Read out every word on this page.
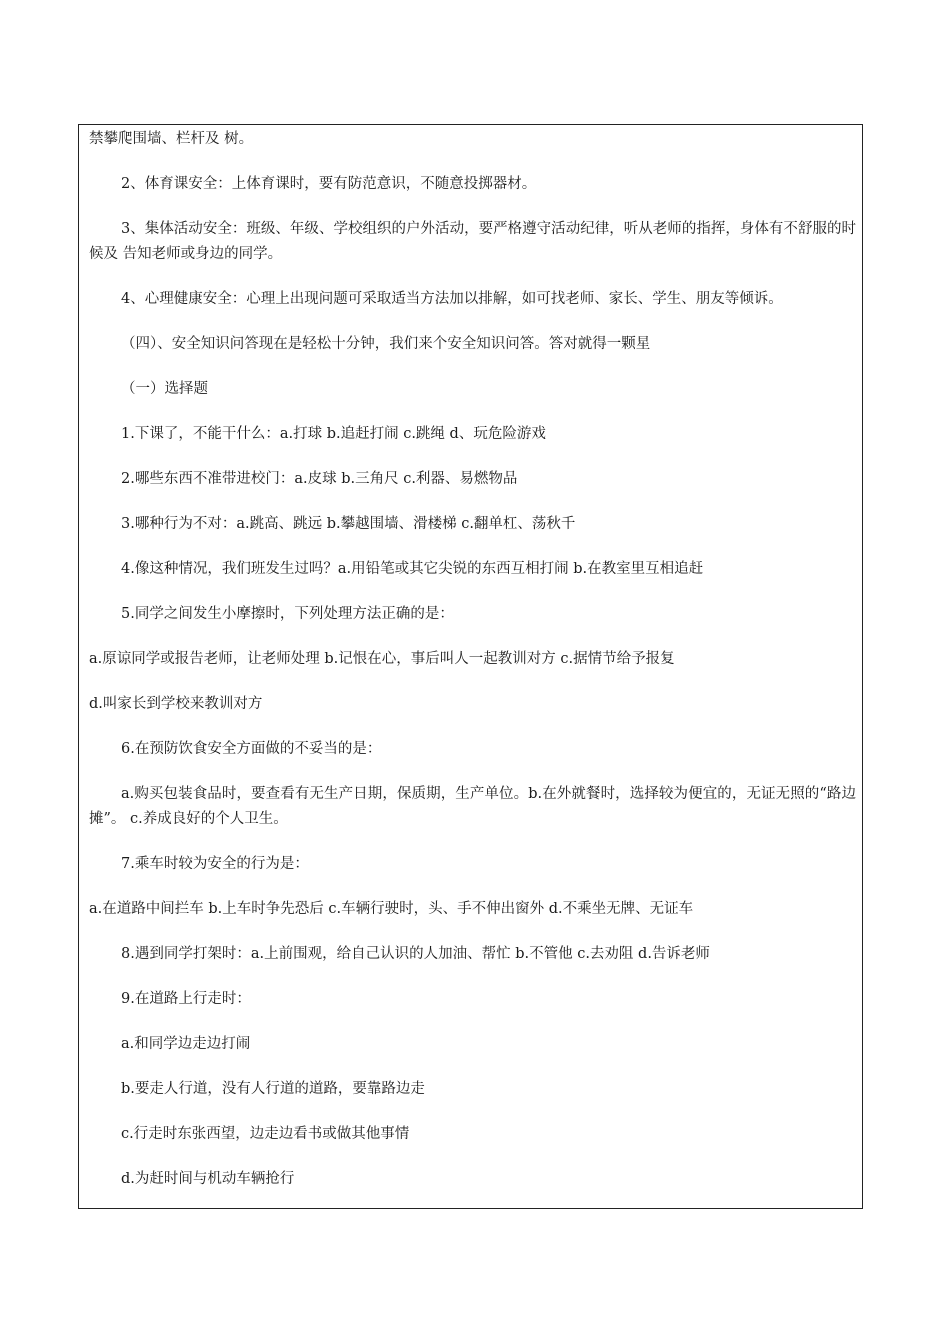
禁攀爬围墙、栏杆及 树。
2、体育课安全：上体育课时，要有防范意识，不随意投掷器材。
3、集体活动安全：班级、年级、学校组织的户外活动，要严格遵守活动纪律，听从老师的指挥，身体有不舒服的时候及 告知老师或身边的同学。
4、心理健康安全：心理上出现问题可采取适当方法加以排解，如可找老师、家长、学生、朋友等倾诉。
（四）、安全知识问答现在是轻松十分钟，我们来个安全知识问答。答对就得一颗星
（一）选择题
1.下课了，不能干什么：a.打球 b.追赶打闹 c.跳绳 d、玩危险游戏
2.哪些东西不准带进校门：a.皮球 b.三角尺 c.利器、易燃物品
3.哪种行为不对：a.跳高、跳远 b.攀越围墙、滑楼梯 c.翻单杠、荡秋千
4.像这种情况，我们班发生过吗？a.用铅笔或其它尖锐的东西互相打闹 b.在教室里互相追赶
5.同学之间发生小摩擦时，下列处理方法正确的是：
a.原谅同学或报告老师，让老师处理 b.记恨在心，事后叫人一起教训对方 c.据情节给予报复
d.叫家长到学校来教训对方
6.在预防饮食安全方面做的不妥当的是：
a.购买包装食品时，要查看有无生产日期，保质期，生产单位。b.在外就餐时，选择较为便宜的，无证无照的“路边摊”。 c.养成良好的个人卫生。
7.乘车时较为安全的行为是：
a.在道路中间拦车 b.上车时争先恐后 c.车辆行驶时，头、手不伸出窗外 d.不乘坐无牌、无证车
8.遇到同学打架时：a.上前围观，给自己认识的人加油、帮忙 b.不管他 c.去劝阻 d.告诉老师
9.在道路上行走时：
a.和同学边走边打闹
b.要走人行道，没有人行道的道路，要靠路边走
c.行走时东张西望，边走边看书或做其他事情
d.为赶时间与机动车辆抢行
